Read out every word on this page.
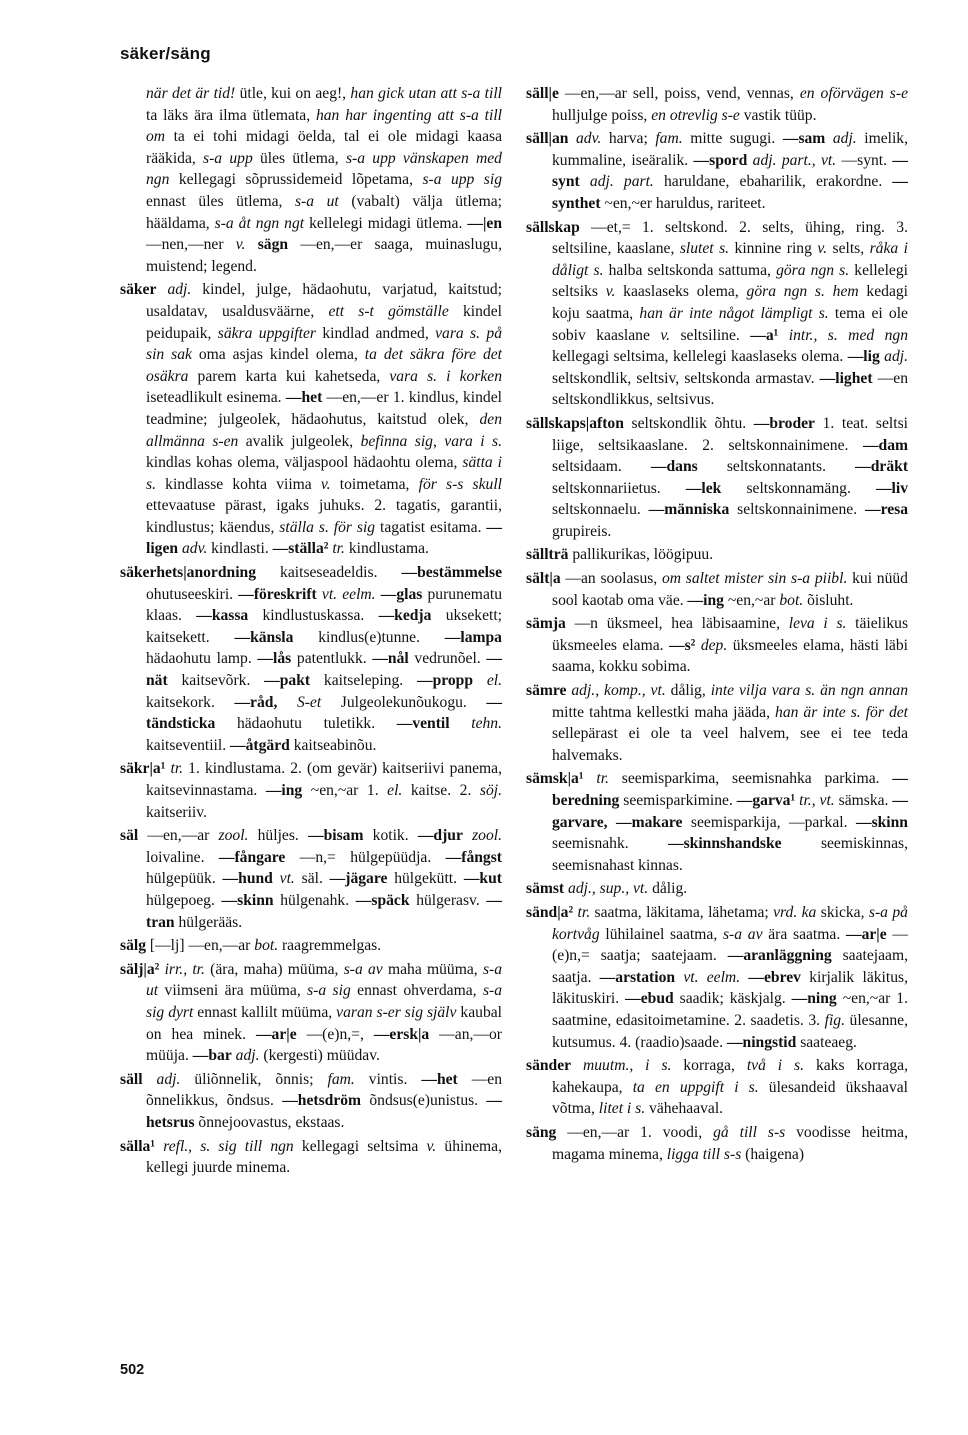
säker/säng

när det är tid! ütle, kui on aeg!, han gick utan att s-a till ta läks ära ilma ütlemata, han har ingenting att s-a till om ta ei tohi midagi öelda, tal ei ole midagi kaasa rääkida, s-a upp üles ütlema, s-a upp vänskapen med ngn kellegagi sõprussidemeid lõpetama, s-a upp sig ennast üles ütlema, s-a ut (vabalt) välja ütlema; hääldama, s-a åt ngn ngt kellelegi midagi ütlema. —|en —nen,—ner v. sägn —en,—er saaga, muinaslugu, muistend; legend.

säker adj. kindel, julge, hädaohutu, varjatud, kaitstud; usaldatav, usaldusväärne, ett s-t gömställe kindel peidupaik, säkra uppgifter kindlad andmed, vara s. på sin sak oma asjas kindel olema, ta det säkra före det osäkra parem karta kui kahetseda, vara s. i korken iseteadlikult esinema. —het —en,—er 1. kindlus, kindel teadmine; julgeolek, hädaohutus, kaitstud olek, den allmänna s-en avalik julgeolek, befinna sig, vara i s. kindlas kohas olema, väljaspool hädaohtu olema, sätta i s. kindlasse kohta viima v. toimetama, för s-s skull ettevaatuse pärast, igaks juhuks. 2. tagatis, garantii, kindlustus; käendus, ställa s. för sig tagatist esitama. —ligen adv. kindlasti. —ställa² tr. kindlustama.

säkerhets|anordning kaitseseadeldis. —bestämmelse ohutuseeskiri. —föreskrift vt. eelm. —glas purunematu klaas. —kassa kindlustuskassa. —kedja uksekett; kaitsekett. —känsla kindlus(e)tunne. —lampa hädaohutu lamp. —lås patentlukk. —nål vedrunõel. —nät kaitsevõrk. —pakt kaitseleping. —propp el. kaitsekork. —råd, S-et Julgeolekunõukogu. —tändsticka hädaohutu tuletikk. —ventil tehn. kaitseventiil. —åtgärd kaitseabinõu.

säkr|a¹ tr. 1. kindlustama. 2. (om gevär) kaitseriivi panema, kaitsevinnastama. —ing ~en,~ar 1. el. kaitse. 2. söj. kaitseriiv.

säl —en,—ar zool. hüljes. —bisam kotik. —djur zool. loivaline. —fångare —n,= hülgepüüdja. —fångst hülgepüük. —hund vt. säl. —jägare hülgekütt. —kut hülgepoeg. —skinn hülgenahk. —späck hülgerasv. —tran hülgerääs.

sälg [—lj] —en,—ar bot. raagremmelgas.

sälj|a² irr., tr. (ära, maha) müüma, s-a av maha müüma, s-a ut viimseni ära müüma, s-a sig ennast ohverdama, s-a sig dyrt ennast kallilt müüma, varan s-er sig själv kaubal on hea minek. —ar|e —(e)n,=, —ersk|a —an,—or müüja. —bar adj. (kergesti) müüdav.

säll adj. üliõnnelik, õnnis; fam. vintis. —het —en õnnelikkus, õndsus. —hetsdröm õndsus(e)unistus. —hetsrus õnnejoovastus, ekstaas.

sälla¹ refl., s. sig till ngn kellegagi seltsima v. ühinema, kellegi juurde minema.

säll|e —en,—ar sell, poiss, vend, vennas, en oförvägen s-e hulljulge poiss, en otrevlig s-e vastik tüüp.

säll|an adv. harva; fam. mitte sugugi. —sam adj. imelik, kummaline, iseäralik. —spord adj. part., vt. —synt. —synt adj. part. haruldane, ebaharilik, erakordne. —synthet ~en,~er haruldus, rariteet.

sällskap —et,= 1. seltskond. 2. selts, ühing, ring. 3. seltsiline, kaaslane, slutet s. kinnine ring v. selts, råka i dåligt s. halba seltskonda sattuma, göra ngn s. kellelegi seltsiks v. kaaslaseks olema, göra ngn s. hem kedagi koju saatma, han är inte något lämpligt s. tema ei ole sobiv kaaslane v. seltsiline. —a¹ intr., s. med ngn kellegagi seltsima, kellelegi kaaslaseks olema. —lig adj. seltskondlik, seltsiv, seltskonda armastav. —lighet —en seltskondlikkus, seltsivus.

sällskaps|afton seltskondlik õhtu. —broder 1. teat. seltsi liige, seltsikaaslane. 2. seltskonnainimene. —dam seltsidaam. —dans seltskonnatants. —dräkt seltskonnariietus. —lek seltskonnamäng. —liv seltskonnaelu. —människa seltskonnainimene. —resa grupireis.

sällträ pallikurikas, löögipuu.

sält|a —an soolasus, om saltet mister sin s-a piibl. kui nüüd sool kaotab oma väe. —ing ~en,~ar bot. õisluht.

sämja —n üksmeel, hea läbisaamine, leva i s. täielikus üksmeeles elama. —s² dep. üksmeeles elama, hästi läbi saama, kokku sobima.

sämre adj., komp., vt. dålig, inte vilja vara s. än ngn annan mitte tahtma kellestki maha jääda, han är inte s. för det sellepärast ei ole ta veel halvem, see ei tee teda halvemaks.

sämsk|a¹ tr. seemisparkima, seemisnahka parkima. —beredning seemisparkimine. —garva¹ tr., vt. sämska. —garvare, —makare seemisparkija, —parkal. —skinn seemisnahk. —skinnshandske seemiskinnas, seemisnahast kinnas.

sämst adj., sup., vt. dålig.

sänd|a² tr. saatma, läkitama, lähetama; vrd. ka skicka, s-a på kortvåg lühilainel saatma, s-a av ära saatma. —ar|e —(e)n,= saatja; saatejaam. —aranläggning saatejaam, saatja. —arstation vt. eelm. —ebrev kirjalik läkitus, läkituskiri. —ebud saadik; käskjalg. —ning ~en,~ar 1. saatmine, edasitoimetamine. 2. saadetis. 3. fig. ülesanne, kutsumus. 4. (raadio)saade. —ningstid saateaeg.

sänder muutm., i s. korraga, två i s. kaks korraga, kahekaupa, ta en uppgift i s. ülesandeid ükshaaval võtma, litet i s. vähehaaval.

säng —en,—ar 1. voodi, gå till s-s voodisse heitma, magama minema, ligga till s-s (haigena)

502
